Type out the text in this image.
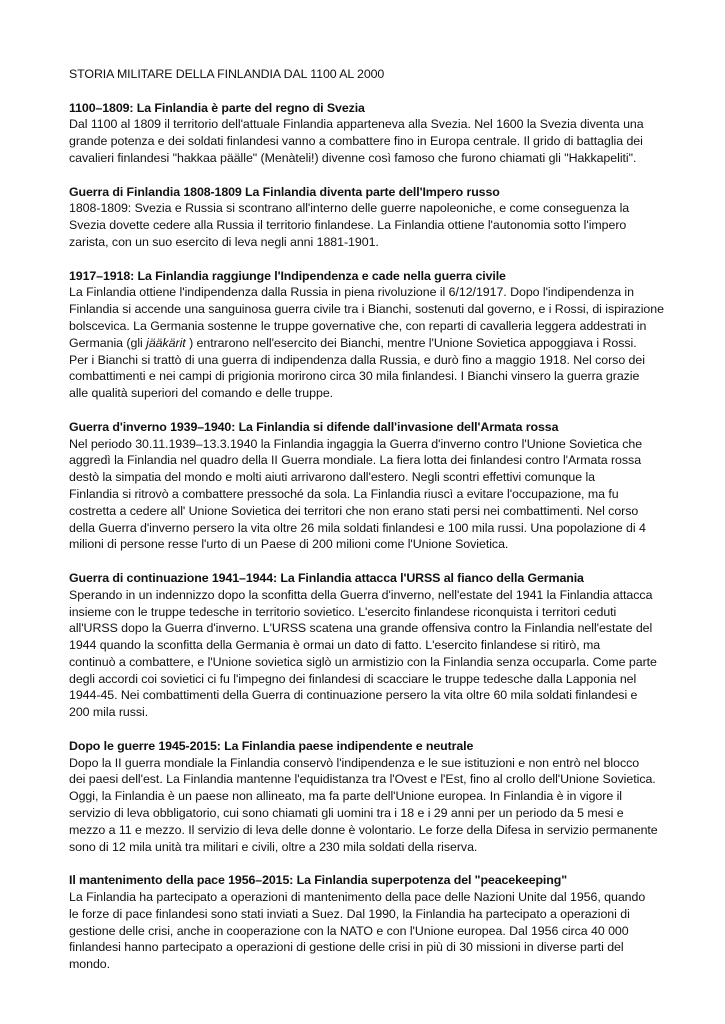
STORIA MILITARE DELLA FINLANDIA DAL 1100 AL 2000

1100–1809: La Finlandia è parte del regno di Svezia

Dal 1100 al 1809 il territorio dell'attuale Finlandia apparteneva alla Svezia. Nel 1600 la Svezia diventa una
grande potenza e dei soldati finlandesi vanno a combattere fino in Europa centrale. Il grido di battaglia dei
cavalieri finlandesi "hakkaa päälle" (Menàteli!) divenne così famoso che furono chiamati gli "Hakkapeliti".

Guerra di Finlandia 1808-1809 La Finlandia diventa parte dell'Impero russo

1808-1809: Svezia e Russia si scontrano all'interno delle guerre napoleoniche, e come conseguenza la
Svezia dovette cedere alla Russia il territorio finlandese. La Finlandia ottiene l'autonomia sotto l'impero
zarista, con un suo esercito di leva negli anni 1881-1901.

1917–1918: La Finlandia raggiunge l'Indipendenza e cade nella guerra civile

La Finlandia ottiene l'indipendenza dalla Russia in piena rivoluzione il 6/12/1917. Dopo l'indipendenza in
Finlandia si accende una sanguinosa guerra civile tra i Bianchi, sostenuti dal governo, e i Rossi, di ispirazione
bolscevica. La Germania sostenne le truppe governative che, con reparti di cavalleria leggera addestrati in
Germania (gli jääkärit ) entrarono nell'esercito dei Bianchi, mentre l'Unione Sovietica appoggiava i Rossi.
Per i Bianchi si trattò di una guerra di indipendenza dalla Russia, e durò fino a maggio 1918. Nel corso dei
combattimenti e nei campi di prigionia morirono circa 30 mila finlandesi. I Bianchi vinsero la guerra grazie
alle qualità superiori del comando e delle truppe.

Guerra d'inverno 1939–1940: La Finlandia si difende dall'invasione dell'Armata rossa

Nel periodo 30.11.1939–13.3.1940 la Finlandia ingaggia la Guerra d'inverno contro l'Unione Sovietica che
aggredì la Finlandia nel quadro della II Guerra mondiale. La fiera lotta dei finlandesi contro l'Armata rossa
destò la simpatia del mondo e molti aiuti arrivarono dall'estero. Negli scontri effettivi comunque la
Finlandia si ritrovò a combattere pressoché da sola. La Finlandia riuscì a evitare l'occupazione, ma fu
costretta a cedere all' Unione Sovietica dei territori che non erano stati persi nei combattimenti. Nel corso
della Guerra d'inverno persero la vita oltre 26 mila soldati finlandesi e 100 mila russi. Una popolazione di 4
milioni di persone resse l'urto di un Paese di 200 milioni come l'Unione Sovietica.

Guerra di continuazione 1941–1944: La Finlandia attacca l'URSS al fianco della Germania

Sperando in un indennizzo dopo la sconfitta della Guerra d'inverno, nell'estate del 1941 la Finlandia attacca
insieme con le truppe tedesche in territorio sovietico. L'esercito finlandese riconquista i territori ceduti
all'URSS dopo la Guerra d'inverno. L'URSS scatena una grande offensiva contro la Finlandia nell'estate del
1944 quando la sconfitta della Germania è ormai un dato di fatto. L'esercito finlandese si ritirò, ma
continuò a combattere, e l'Unione sovietica siglò un armistizio con la Finlandia senza occuparla. Come parte
degli accordi coi sovietici ci fu l'impegno dei finlandesi di scacciare le truppe tedesche dalla Lapponia nel
1944-45. Nei combattimenti della Guerra di continuazione persero la vita oltre 60 mila soldati finlandesi e
200 mila russi.

Dopo le guerre 1945-2015: La Finlandia paese indipendente e neutrale

Dopo la II guerra mondiale la Finlandia conservò l'indipendenza e le sue istituzioni e non entrò nel blocco
dei paesi dell'est. La Finlandia mantenne l'equidistanza tra l'Ovest e l'Est, fino al crollo dell'Unione Sovietica.
Oggi, la Finlandia è un paese non allineato, ma fa parte dell'Unione europea. In Finlandia è in vigore il
servizio di leva obbligatorio, cui sono chiamati gli uomini tra i 18 e i 29 anni per un periodo da 5 mesi e
mezzo a 11 e mezzo. Il servizio di leva delle donne è volontario. Le forze della Difesa in servizio permanente
sono di 12 mila unità tra militari e civili, oltre a 230 mila soldati della riserva.

Il mantenimento della pace 1956–2015: La Finlandia superpotenza del "peacekeeping"

La Finlandia ha partecipato a operazioni di mantenimento della pace delle Nazioni Unite dal 1956, quando
le forze di pace finlandesi sono stati inviati a Suez. Dal 1990, la Finlandia ha partecipato a operazioni di
gestione delle crisi, anche in cooperazione con la NATO e con l'Unione europea. Dal 1956 circa 40 000
finlandesi hanno partecipato a operazioni di gestione delle crisi in più di 30 missioni in diverse parti del
mondo.
